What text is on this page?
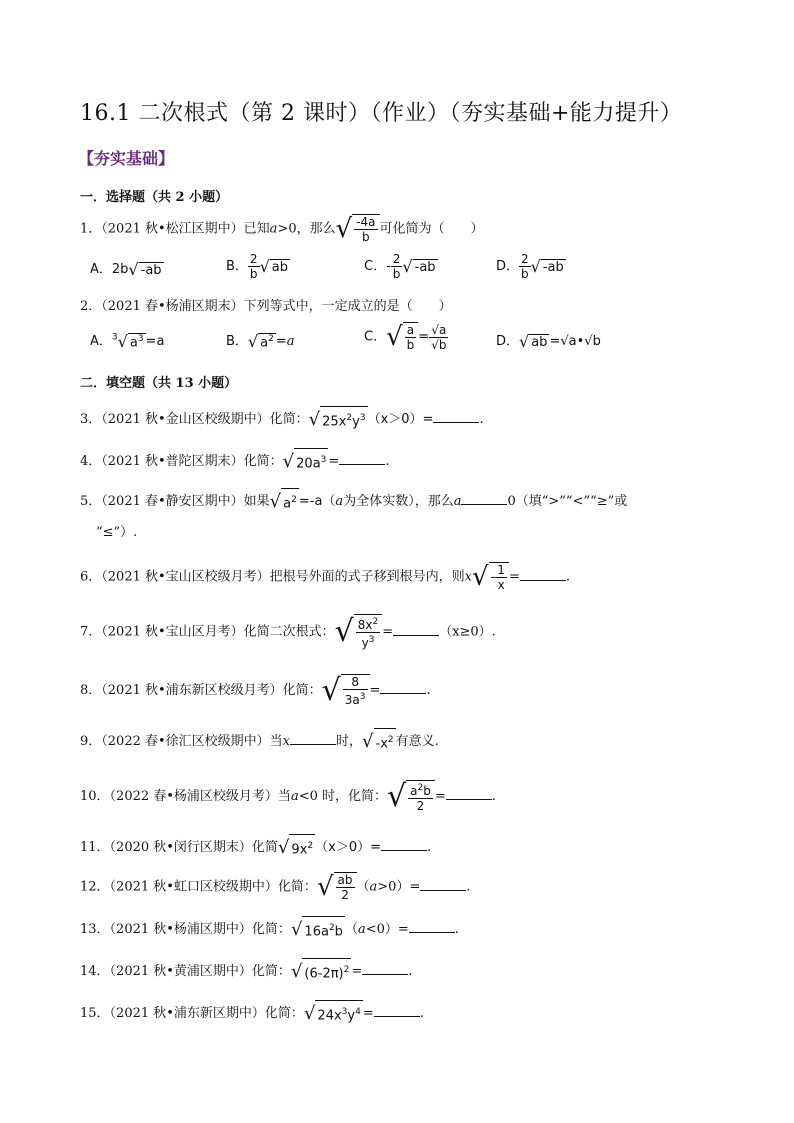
16.1 二次根式（第 2 课时）（作业）（夯实基础+能力提升）
【夯实基础】
一．选择题（共 2 小题）
1．（2021 秋•松江区期中）已知a>0，那么√ $\frac{-4a}{b}$ 可化简为（　　）
A．2b√ -ab	B． $\frac{2}{b}$ √ ab	C．- $\frac{2}{b}$ √ -ab	D． $\frac{2}{b}$ √ -ab
2．（2021 春•杨浦区期末）下列等式中，一定成立的是（　　）
A．$^3$√ $a^3 =a$	B．√ $a^2 =a$	C．√ $\frac{a}{b} = \frac{√a}{√b}$	D．√ ab =√a•√b
二．填空题（共 13 小题）
3．（2021 秋•金山区校级期中）化简：√ $25x^2y^3$ （x＞0）=	.
4．（2021 秋•普陀区期末）化简：√ $20a^3$ =	.
5．（2021 春•静安区期中）如果√ $a^2 =-a(a$为全体实数），那么a	0（填“>”“<”“≥”或
“≤”）.
6．（2021 秋•宝山区校级月考）把根号外面的式子移到根号内，则$x√ - \frac{1}{x}$ =	.
7．（2021 秋•宝山区月考）化简二次根式：√ $\frac{8x^2}{y^3}$ =	（x≥0）.
8．（2021 秋•浦东新区校级月考）化简：√ $\frac{8}{3a^3}$ =	.
9．（2022 春•徐汇区校级期中）当x	时，√ $-x^2$ 有意义.
10．（2022 春•杨浦区校级月考）当a<0 时，化简：√ $\frac{a^2b}{2}$ =	.
11．（2020 秋•闵行区期末）化简√ $9x^2$ （x＞0）=	.
12．（2021 秋•虹口区校级期中）化简：√ $\frac{ab}{2} (a>0)=$	.
13．（2021 秋•杨浦区期中）化简：√ $16a^2b$ （a<0）=	.
14．（2021 秋•黄浦区期中）化简：√ $(6-2\pi)^2$ =	.
15．（2021 秋•浦东新区期中）化简：√ $24x^3y^4$ =	.
